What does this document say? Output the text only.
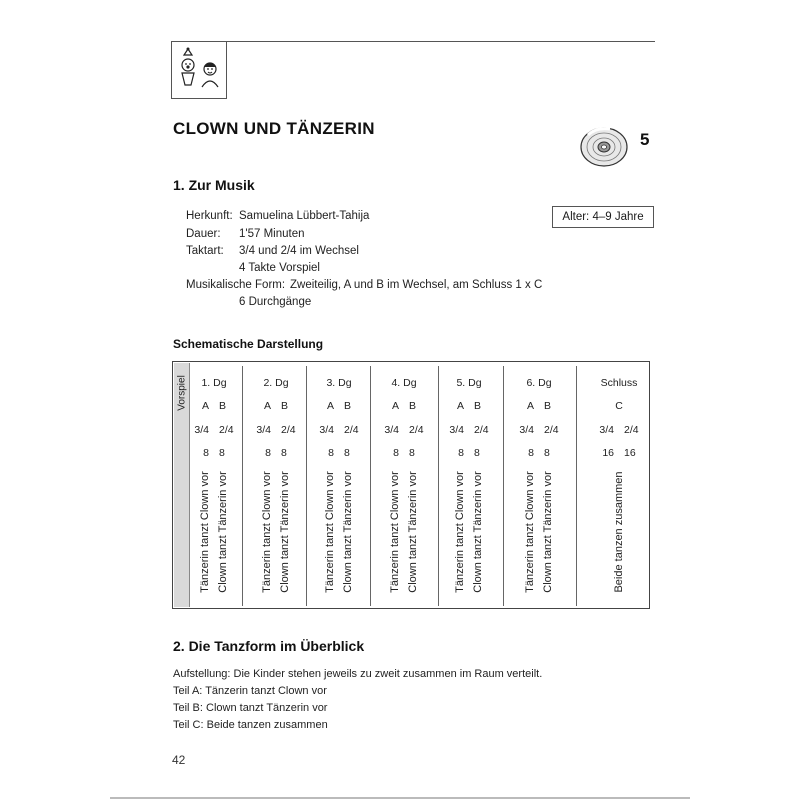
CLOWN UND TÄNZERIN
5
1. Zur Musik
Herkunft: Samuelina Lübbert-Tahija
Dauer: 1'57 Minuten
Taktart: 3/4 und 2/4 im Wechsel
4 Takte Vorspiel
Musikalische Form: Zweiteilig, A und B im Wechsel, am Schluss 1 x C
6 Durchgänge
Alter: 4–9 Jahre
Schematische Darstellung
Vorspiel	1. Dg
A B
3/4 2/4
8 8
Tänzerin tanzt Clown vor Clown tanzt Tänzerin vor
2. Dg
A B
3/4 2/4
8 8
Tänzerin tanzt Clown vor Clown tanzt Tänzerin vor
3. Dg
A B
3/4 2/4
8 8
Tänzerin tanzt Clown vor Clown tanzt Tänzerin vor
4. Dg
A B
3/4 2/4
8 8
Tänzerin tanzt Clown vor Clown tanzt Tänzerin vor
5. Dg
A B
3/4 2/4
8 8
Tänzerin tanzt Clown vor Clown tanzt Tänzerin vor
6. Dg
A B
3/4 2/4
8 8
Tänzerin tanzt Clown vor Clown tanzt Tänzerin vor
Schluss
C
3/4 2/4
16 16
Beide tanzen zusammen
2. Die Tanzform im Überblick
Aufstellung: Die Kinder stehen jeweils zu zweit zusammen im Raum verteilt.
Teil A: Tänzerin tanzt Clown vor
Teil B: Clown tanzt Tänzerin vor
Teil C: Beide tanzen zusammen
42
